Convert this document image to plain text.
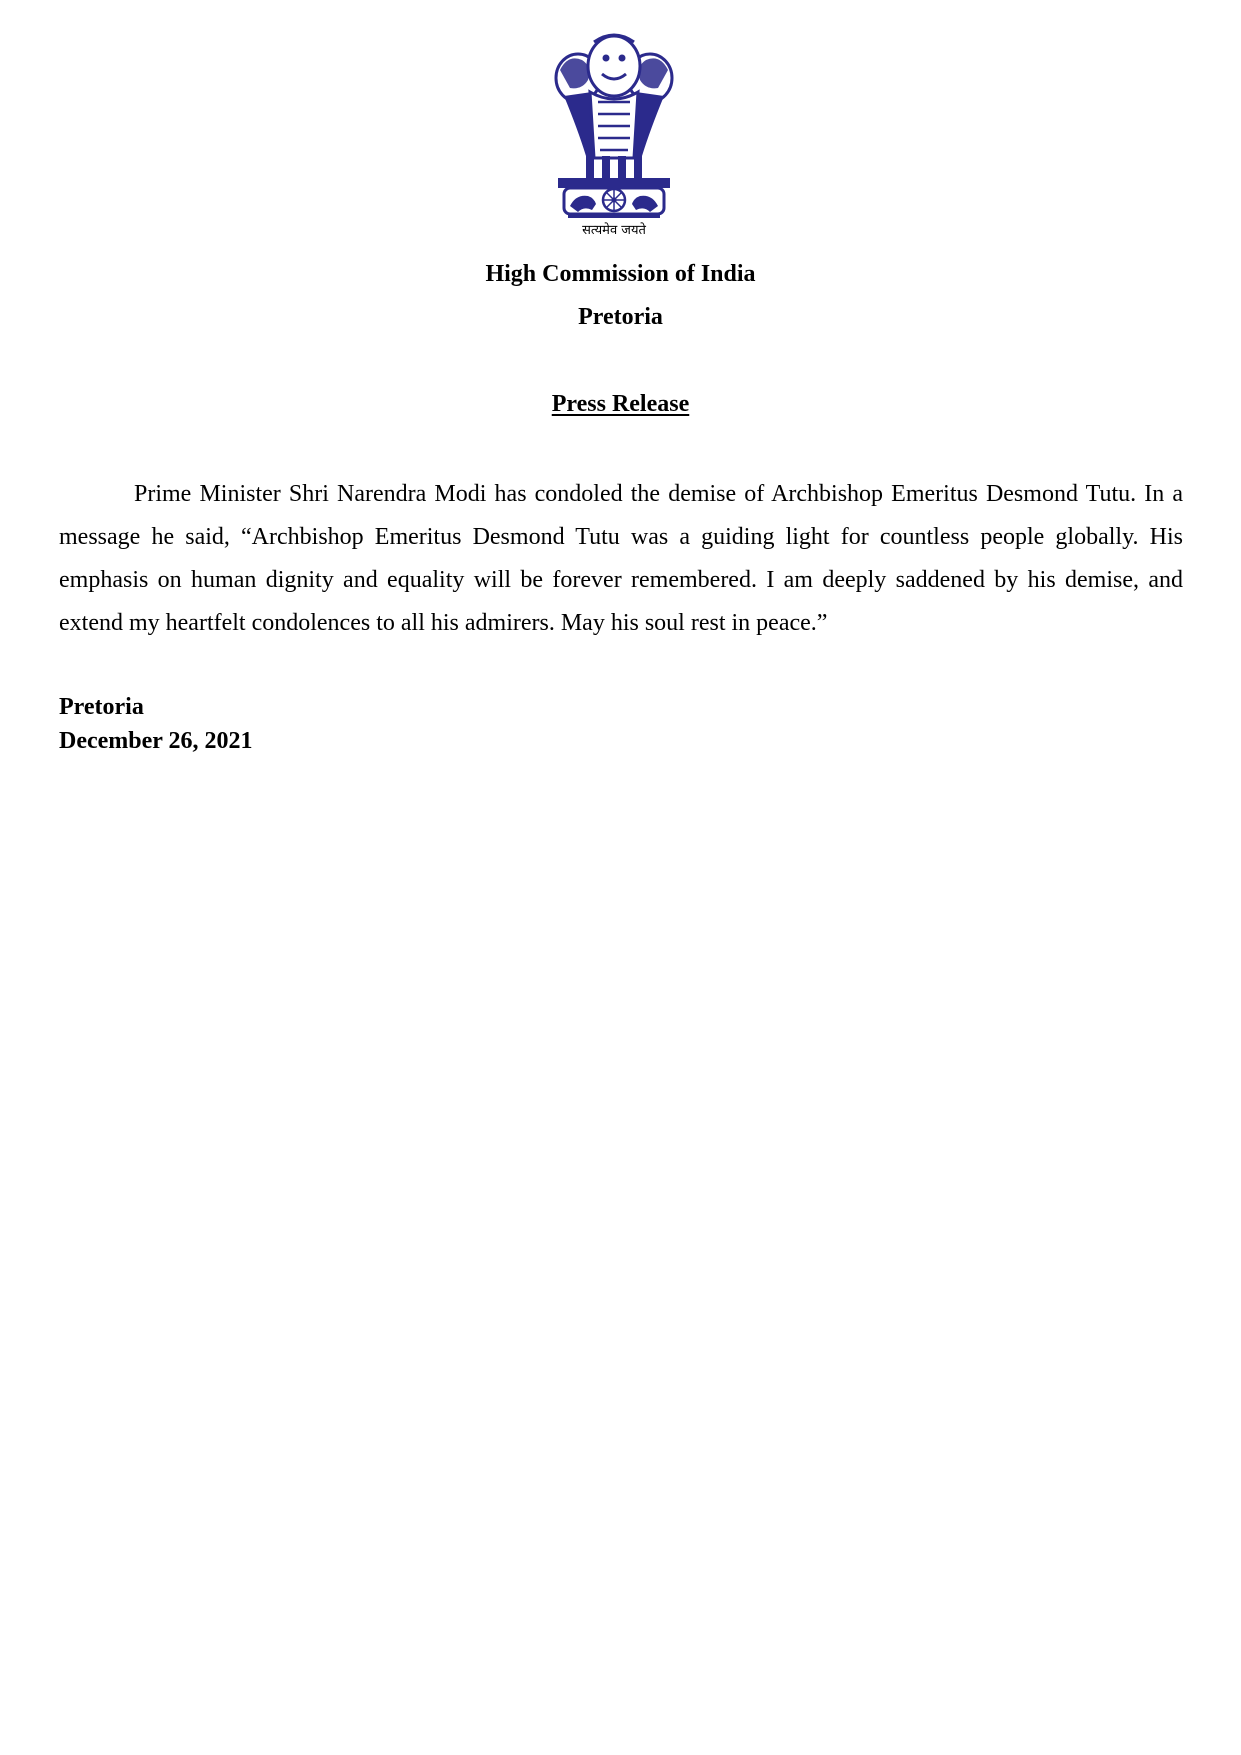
सत्यमेव जयते
High Commission of India
Pretoria
Press Release

Prime Minister Shri Narendra Modi has condoled the demise of Archbishop Emeritus Desmond Tutu. In a message he said, “Archbishop Emeritus Desmond Tutu was a guiding light for countless people globally. His emphasis on human dignity and equality will be forever remembered. I am deeply saddened by his demise, and extend my heartfelt condolences to all his admirers. May his soul rest in peace.”

Pretoria
December 26, 2021
